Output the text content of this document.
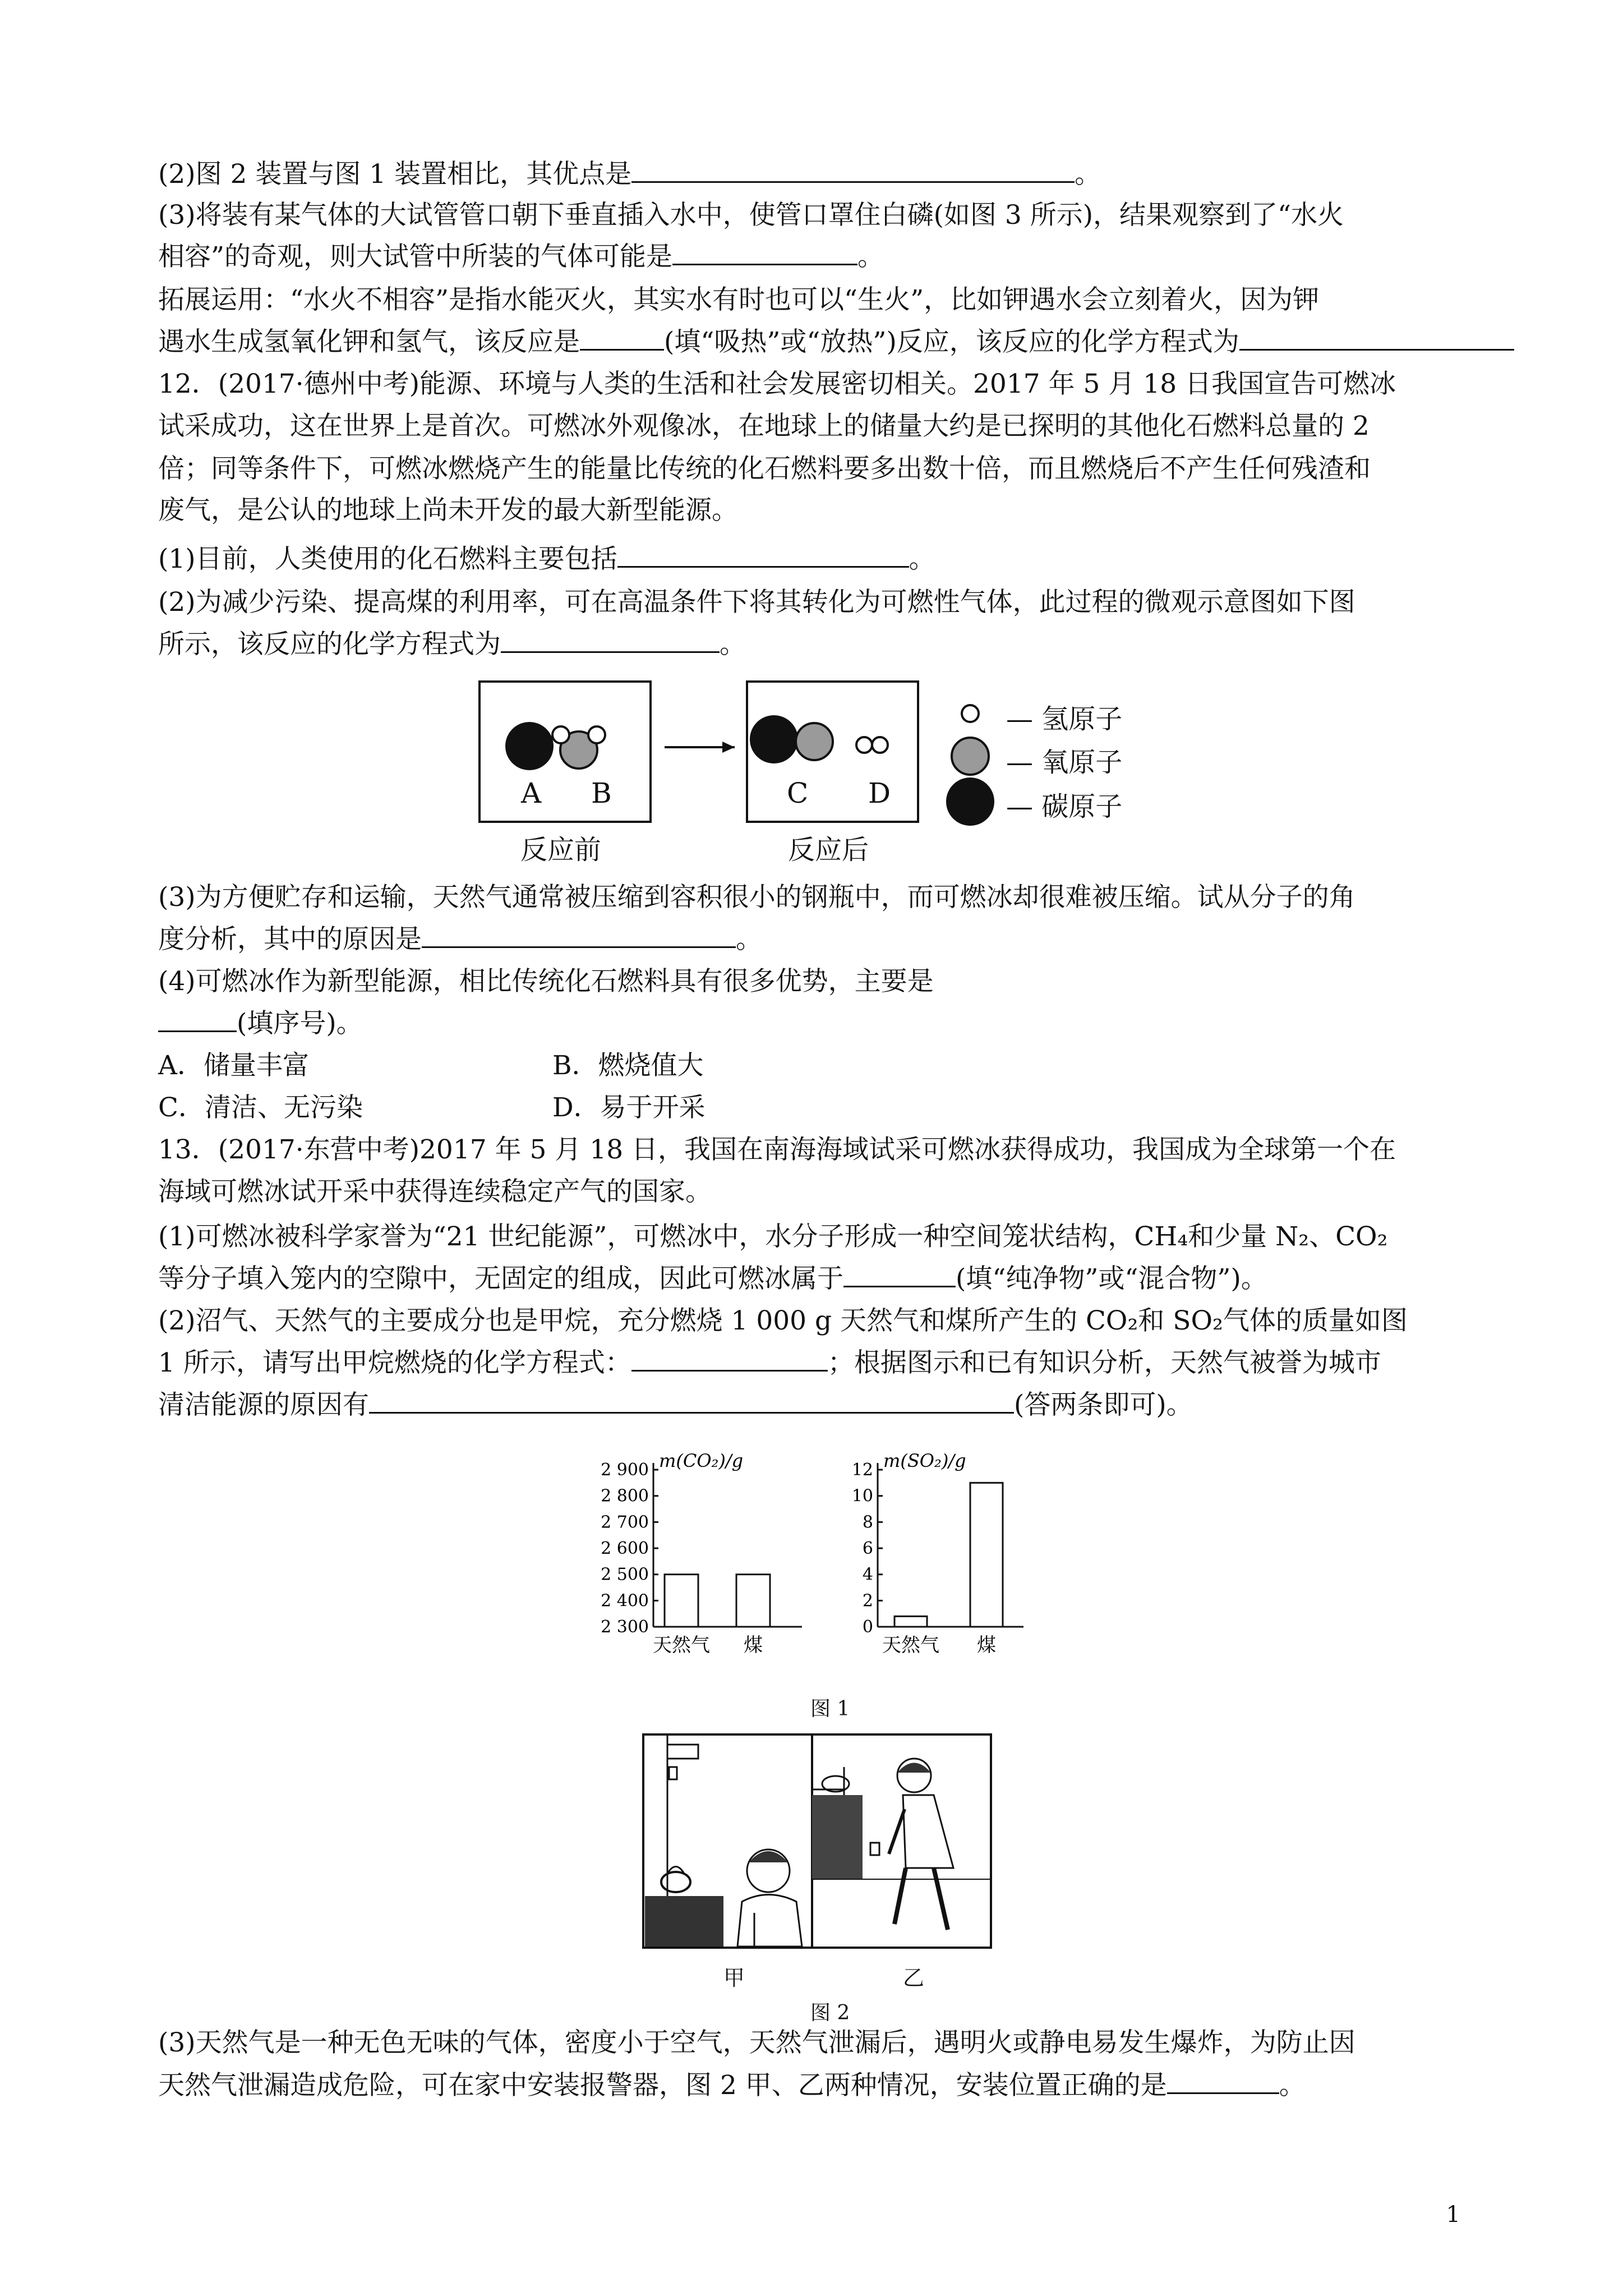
(2)图 2 装置与图 1 装置相比，其优点是	。
(3)将装有某气体的大试管管口朝下垂直插入水中，使管口罩住白磷(如图 3 所示)，结果观察到了“水火
相容”的奇观，则大试管中所装的气体可能是	。
拓展运用：“水火不相容”是指水能灭火，其实水有时也可以“生火”，比如钾遇水会立刻着火，因为钾
遇水生成氢氧化钾和氢气，该反应是	(填“吸热”或“放热”)反应，该反应的化学方程式为
12．(2017·德州中考)能源、环境与人类的生活和社会发展密切相关。2017 年 5 月 18 日我国宣告可燃冰
试采成功，这在世界上是首次。可燃冰外观像冰，在地球上的储量大约是已探明的其他化石燃料总量的 2
倍；同等条件下，可燃冰燃烧产生的能量比传统的化石燃料要多出数十倍，而且燃烧后不产生任何残渣和
废气，是公认的地球上尚未开发的最大新型能源。
(1)目前，人类使用的化石燃料主要包括	。
(2)为减少污染、提高煤的利用率，可在高温条件下将其转化为可燃性气体，此过程的微观示意图如下图
所示，该反应的化学方程式为	。
A B	C D
反应前	反应后
— 氢原子
— 氧原子
— 碳原子
(3)为方便贮存和运输，天然气通常被压缩到容积很小的钢瓶中，而可燃冰却很难被压缩。试从分子的角
度分析，其中的原因是	。
(4)可燃冰作为新型能源，相比传统化石燃料具有很多优势，主要是
(填序号)。
A．储量丰富	B．燃烧值大
C．清洁、无污染	D．易于开采
13．(2017·东营中考)2017 年 5 月 18 日，我国在南海海域试采可燃冰获得成功，我国成为全球第一个在
海域可燃冰试开采中获得连续稳定产气的国家。
(1)可燃冰被科学家誉为“21 世纪能源”，可燃冰中，水分子形成一种空间笼状结构，CH₄和少量 N₂、CO₂
等分子填入笼内的空隙中，无固定的组成，因此可燃冰属于	(填“纯净物”或“混合物”)。
(2)沼气、天然气的主要成分也是甲烷，充分燃烧 1 000 g 天然气和煤所产生的 CO₂和 SO₂气体的质量如图
1 所示，请写出甲烷燃烧的化学方程式：	；根据图示和已有知识分析，天然气被誉为城市
清洁能源的原因有	(答两条即可)。
m(CO₂)/g
2 300
2 400
2 500
2 600
2 700
2 800
2 900
天然气 煤
m(SO₂)/g
0
2
4
6
8
10
12
天然气 煤
图 1
甲	乙
图 2
(3)天然气是一种无色无味的气体，密度小于空气，天然气泄漏后，遇明火或静电易发生爆炸，为防止因
天然气泄漏造成危险，可在家中安装报警器，图 2 甲、乙两种情况，安装位置正确的是	。
1
